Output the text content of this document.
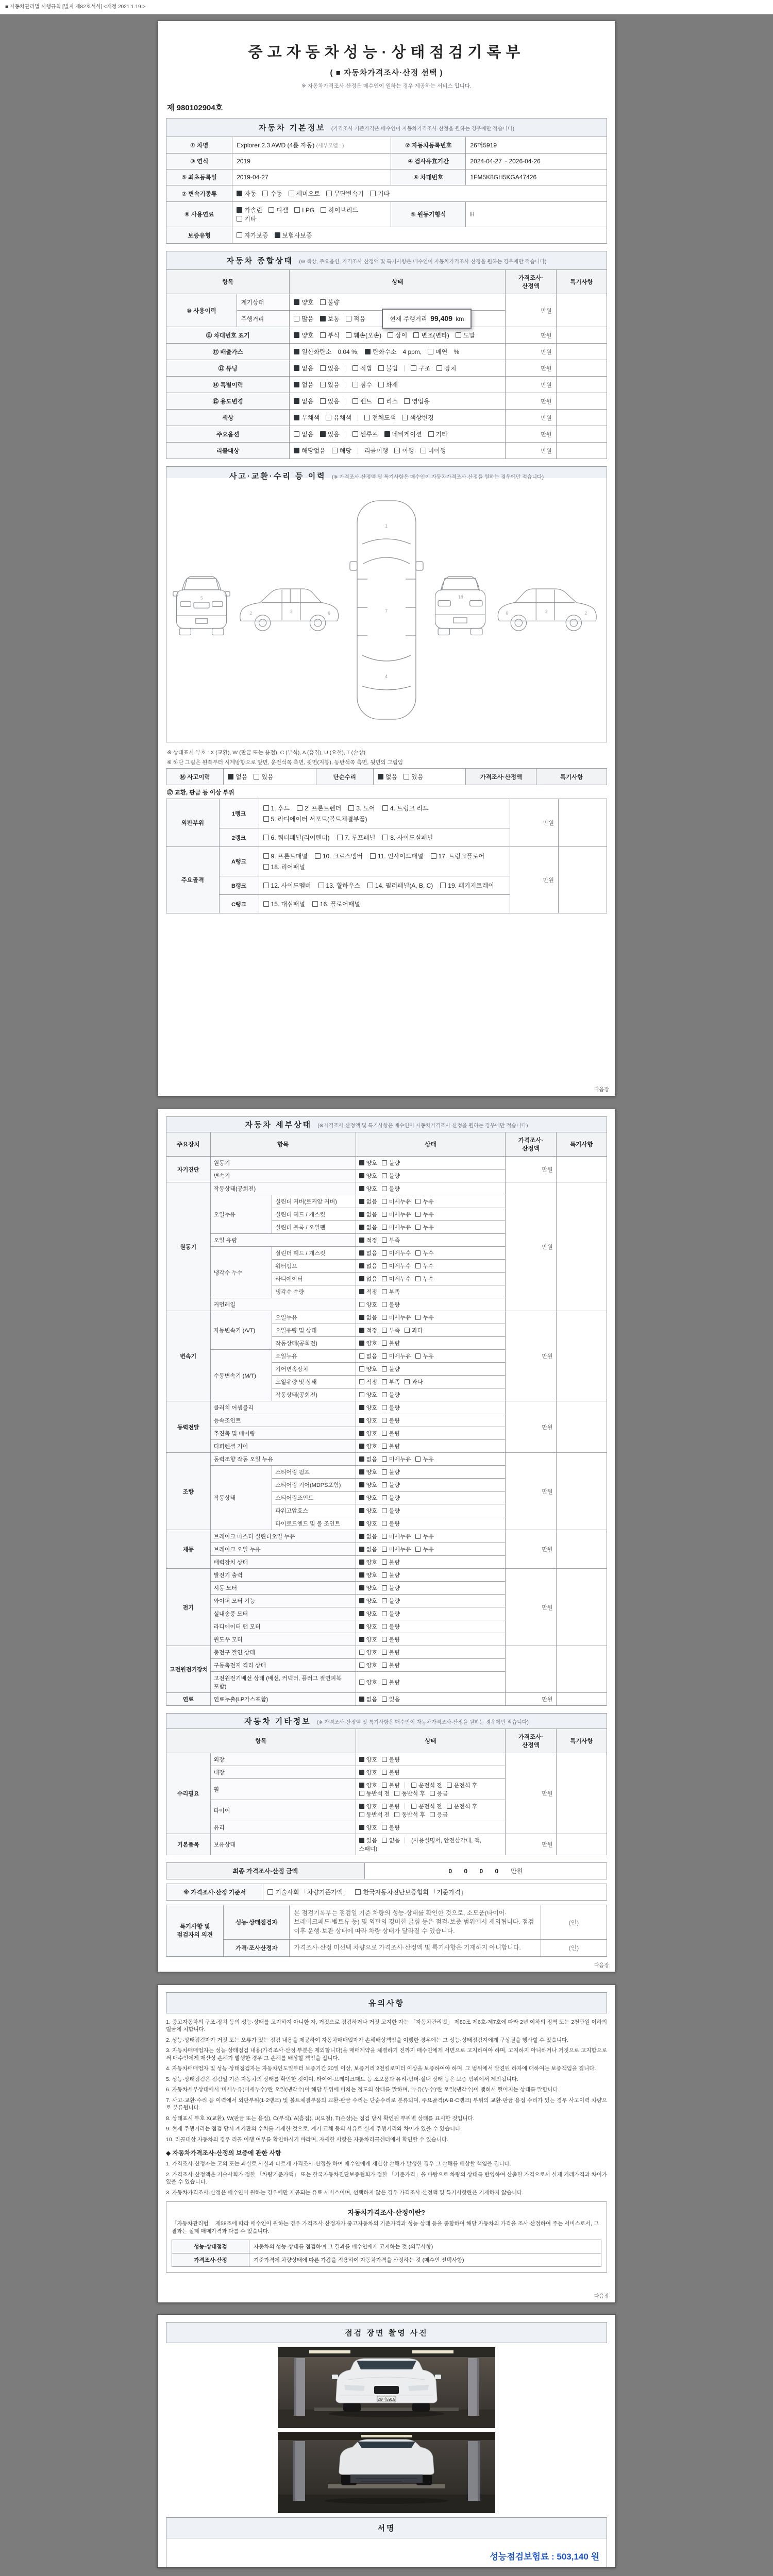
■ 자동차관리법 시행규칙 [별지 제82호서식] <개정 2021.1.19.>
중고자동차성능·상태점검기록부
( ■ 자동차가격조사·산정 선택 )
※ 자동차가격조사·산정은 매수인이 원하는 경우 제공하는 서비스 입니다.
제 980102904호
자동차 기본정보 (가격조사 기준가격은 매수인이 자동차가격조사·산정을 원하는 경우에만 적습니다)			
① 차명	Explorer 2.3 AWD (4륜 자동) (세부모델 : )	② 자동차등록번호	26머5919
③ 연식	2019	④ 검사유효기간	2024-04-27 ~ 2026-04-26
⑤ 최초등록일	2019-04-27	⑥ 차대번호	1FM5K8GH5KGA47426
⑦ 변속기종류	자동 수동 세미오토 무단변속기 기타		
⑧ 사용연료	가솔린 디젤 LPG 하이브리드기타	⑨ 원동기형식	H
보증유형	자가보증 보험사보증		
자동차 종합상태 (※ 색상, 주요옵션, 가격조사·산정액 및 특기사항은 매수인이 자동차가격조사·산정을 원하는 경우에만 적습니다)				
항목		상태	가격조사·산정액	특기사항
⑩ 사용이력	계기상태	양호 불량	만원	
	주행거리	많음 보통 적음 현재 주행거리 99,409 km		
⑪ 차대번호 표기		양호 부식 훼손(오손) 상이 변조(변타) 도말	만원	
⑫ 배출가스		일산화탄소 0.04 %, 탄화수소 4 ppm, 매연 %	만원	
⑬ 튜닝		없음 있음 적법 불법 구조 장치	만원	
⑭ 특별이력		없음 있음 침수 화재	만원	
⑮ 용도변경		없음 있음 렌트 리스 영업용	만원	
색상		무채색 유채색 전체도색 색상변경	만원	
주요옵션		없음 있음 썬루프 네비게이션 기타	만원	
리콜대상		해당없음 해당 리콜이행 이행 미이행	만원	
사고·교환·수리 등 이력 (※ 가격조사·산정액 및 특기사항은 매수인이 자동차가격조사·산정을 원하는 경우에만 적습니다)
5
2	3	6
1
7
4
18
6	3	2
※ 상태표시 부호 : X (교환), W (판금 또는 용접), C (부식), A (흠집), U (요철), T (손상)
※ 하단 그림은 왼쪽부터 시계방향으로 앞면, 운전석쪽 측면, 윗면(지붕), 동반석쪽 측면, 뒷면의 그림임
⑯ 사고이력	없음 있음	단순수리	없음 있음	가격조사·산정액	특기사항
⑰ 교환, 판금 등 이상 부위
외판부위	1랭크	1. 후드 2. 프론트펜더 3. 도어 4. 트렁크 리드5. 라디에이터 서포트(볼트체결부품)	만원	
	2랭크	6. 쿼터패널(리어펜더) 7. 루프패널 8. 사이드실패널		
주요골격	A랭크	9. 프론트패널 10. 크로스멤버 11. 인사이드패널 17. 트렁크플로어18. 리어패널	만원	
	B랭크	12. 사이드멤버 13. 휠하우스 14. 필러패널(A, B, C) 19. 패키지트레이		
	C랭크	15. 대쉬패널 16. 플로어패널		
다음장
자동차 세부상태 (※가격조사·산정액 및 특기사항은 매수인이 자동차가격조사·산정을 원하는 경우에만 적습니다)					
주요장치	항목		상태	가격조사·산정액	특기사항
자기진단	원동기		양호 불량	만원	
	변속기		양호 불량		
원동기	작동상태(공회전)		양호 불량	만원	
	오일누유	실린더 커버(로커암 커버)	없음 미세누유 누유		
		실린더 헤드 / 개스킷	없음 미세누유 누유		
		실린더 블록 / 오일팬	없음 미세누유 누유		
	오일 유량		적정 부족		
	냉각수 누수	실린더 헤드 / 개스킷	없음 미세누수 누수		
		워터펌프	없음 미세누수 누수		
		라디에이터	없음 미세누수 누수		
		냉각수 수량	적정 부족		
	커먼레일		양호 불량		
변속기	자동변속기 (A/T)	오일누유	없음 미세누유 누유	만원	
		오일유량 및 상태	적정 부족 과다		
		작동상태(공회전)	양호 불량		
	수동변속기 (M/T)	오일누유	없음 미세누유 누유		
		기어변속장치	양호 불량		
		오일유량 및 상태	적정 부족 과다		
		작동상태(공회전)	양호 불량		
동력전달	클러치 어셈블리		양호 불량	만원	
	등속조인트		양호 불량		
	추진축 및 베어링		양호 불량		
	디퍼렌셜 기어		양호 불량		
조향	동력조향 작동 오일 누유		없음 미세누유 누유	만원	
	작동상태	스티어링 펌프	양호 불량		
		스티어링 기어(MDPS포함)	양호 불량		
		스티어링조인트	양호 불량		
		파워고압호스	양호 불량		
		타이로드엔드 및 볼 조인트	양호 불량		
제동	브레이크 마스터 실린더오일 누유		없음 미세누유 누유	만원	
	브레이크 오일 누유		없음 미세누유 누유		
	배력장치 상태		양호 불량		
전기	발전기 출력		양호 불량	만원	
	시동 모터		양호 불량		
	와이퍼 모터 기능		양호 불량		
	실내송풍 모터		양호 불량		
	라디에이터 팬 모터		양호 불량		
	윈도우 모터		양호 불량		
고전원전기장치	충전구 절연 상태		양호 불량		
	구동축전지 격리 상태		양호 불량		
	고전원전기배선 상태 (배선, 커넥터, 플러그 절연피복 포함)		양호 불량		
연료	연료누출(LP가스포함)		없음 있음	만원	
자동차 기타정보 (※ 가격조사·산정액 및 특기사항은 매수인이 자동차가격조사·산정을 원하는 경우에만 적습니다)				
항목		상태	가격조사·산정액	특기사항
수리필요	외장	양호 불량	만원	
	내장	양호 불량		
	휠	양호 불량 운전석 전 운전석 후동반석 전 동반석 후 응급		
	타이어	양호 불량 운전석 전 운전석 후동반석 전 동반석 후 응급		
	유리	양호 불량		
기본품목	보유상태	있음 없음 (사용설명서, 안전삼각대, 잭, 스패너)	만원	
최종 가격조사·산정 금액	0 0 0 0 만원
※ 가격조사·산정 기준서	기술사회 「차량기준가액」 한국자동차진단보증협회 「기준가격」
특기사항 및 점검자의 의견	성능·상태점검자	본 점검기록부는 점검일 기준 차량의 성능·상태를 확인한 것으로, 소모품(타이어·브레이크패드·벨트류 등) 및 외관의 경미한 긁힘 등은 점검·보증 범위에서 제외됩니다. 점검 이후 운행·보관 상태에 따라 차량 상태가 달라질 수 있습니다.	(인)
	가격·조사산정자	가격조사·산정 미선택 차량으로 가격조사·산정액 및 특기사항은 기재하지 아니합니다.	(인)
다음장
유의사항

1. 중고자동차의 구조·장치 등의 성능·상태를 고지하지 아니한 자, 거짓으로 점검하거나 거짓 고지한 자는 「자동차관리법」 제80조 제6호·제7호에 따라 2년 이하의 징역 또는 2천만원 이하의 벌금에 처합니다.

2. 성능·상태점검자가 거짓 또는 오류가 있는 점검 내용을 제공하여 자동차매매업자가 손해배상책임을 이행한 경우에는 그 성능·상태점검자에게 구상권을 행사할 수 있습니다.

3. 자동차매매업자는 성능·상태점검 내용(가격조사·산정 부분은 제외합니다)을 매매계약을 체결하기 전까지 매수인에게 서면으로 고지하여야 하며, 고지하지 아니하거나 거짓으로 고지함으로써 매수인에게 재산상 손해가 발생한 경우 그 손해를 배상할 책임을 집니다.

4. 자동차매매업자 및 성능·상태점검자는 자동차인도일부터 보증기간 30일 이상, 보증거리 2천킬로미터 이상을 보증하여야 하며, 그 범위에서 발견된 하자에 대하여는 보증책임을 집니다.

5. 성능·상태점검은 점검일 기준 자동차의 상태를 확인한 것이며, 타이어·브레이크패드 등 소모품과 유리·범퍼·실내 상태 등은 보증 범위에서 제외됩니다.

6. 자동차세부상태에서 '미세누유(미세누수)'란 오일(냉각수)이 해당 부위에 비치는 정도의 상태를 말하며, '누유(누수)'란 오일(냉각수)이 맺혀서 떨어지는 상태를 말합니다.

7. 사고·교환·수리 등 이력에서 외판부위(1·2랭크) 및 볼트체결부품의 교환·판금 수리는 단순수리로 분류되며, 주요골격(A·B·C랭크) 부위의 교환·판금·용접 수리가 있는 경우 사고이력 차량으로 분류됩니다.

8. 상태표시 부호 X(교환), W(판금 또는 용접), C(부식), A(흠집), U(요철), T(손상)는 점검 당시 확인된 부위별 상태를 표시한 것입니다.

9. 현재 주행거리는 점검 당시 계기판의 수치를 기재한 것으로, 계기 교체 등의 사유로 실제 주행거리와 차이가 있을 수 있습니다.

10. 리콜대상 자동차의 경우 리콜 이행 여부를 확인하시기 바라며, 자세한 사항은 자동차리콜센터에서 확인할 수 있습니다.

◆ 자동차가격조사·산정의 보증에 관한 사항

1. 가격조사·산정자는 고의 또는 과실로 사실과 다르게 가격조사·산정을 하여 매수인에게 재산상 손해가 발생한 경우 그 손해를 배상할 책임을 집니다.

2. 가격조사·산정액은 기술사회가 정한 「차량기준가액」 또는 한국자동차진단보증협회가 정한 「기준가격」을 바탕으로 차량의 상태를 반영하여 산출한 가격으로서 실제 거래가격과 차이가 있을 수 있습니다.

3. 자동차가격조사·산정은 매수인이 원하는 경우에만 제공되는 유료 서비스이며, 선택하지 않은 경우 가격조사·산정액 및 특기사항란은 기재하지 않습니다.

자동차가격조사·산정이란?

「자동차관리법」 제58조에 따라 매수인이 원하는 경우 가격조사·산정자가 중고자동차의 기준가격과 성능·상태 등을 종합하여 해당 자동차의 가격을 조사·산정하여 주는 서비스로서, 그 결과는 실제 매매가격과 다를 수 있습니다.

성능·상태점검	자동차의 성능·상태를 점검하여 그 결과를 매수인에게 고지하는 것 (의무사항)
가격조사·산정	기준가격에 차량상태에 따른 가감을 적용하여 자동차가격을 산정하는 것 (매수인 선택사항)
다음장
점검 장면 촬영 사진
26머5919
서명
성능점검보험료 : 503,140 원
